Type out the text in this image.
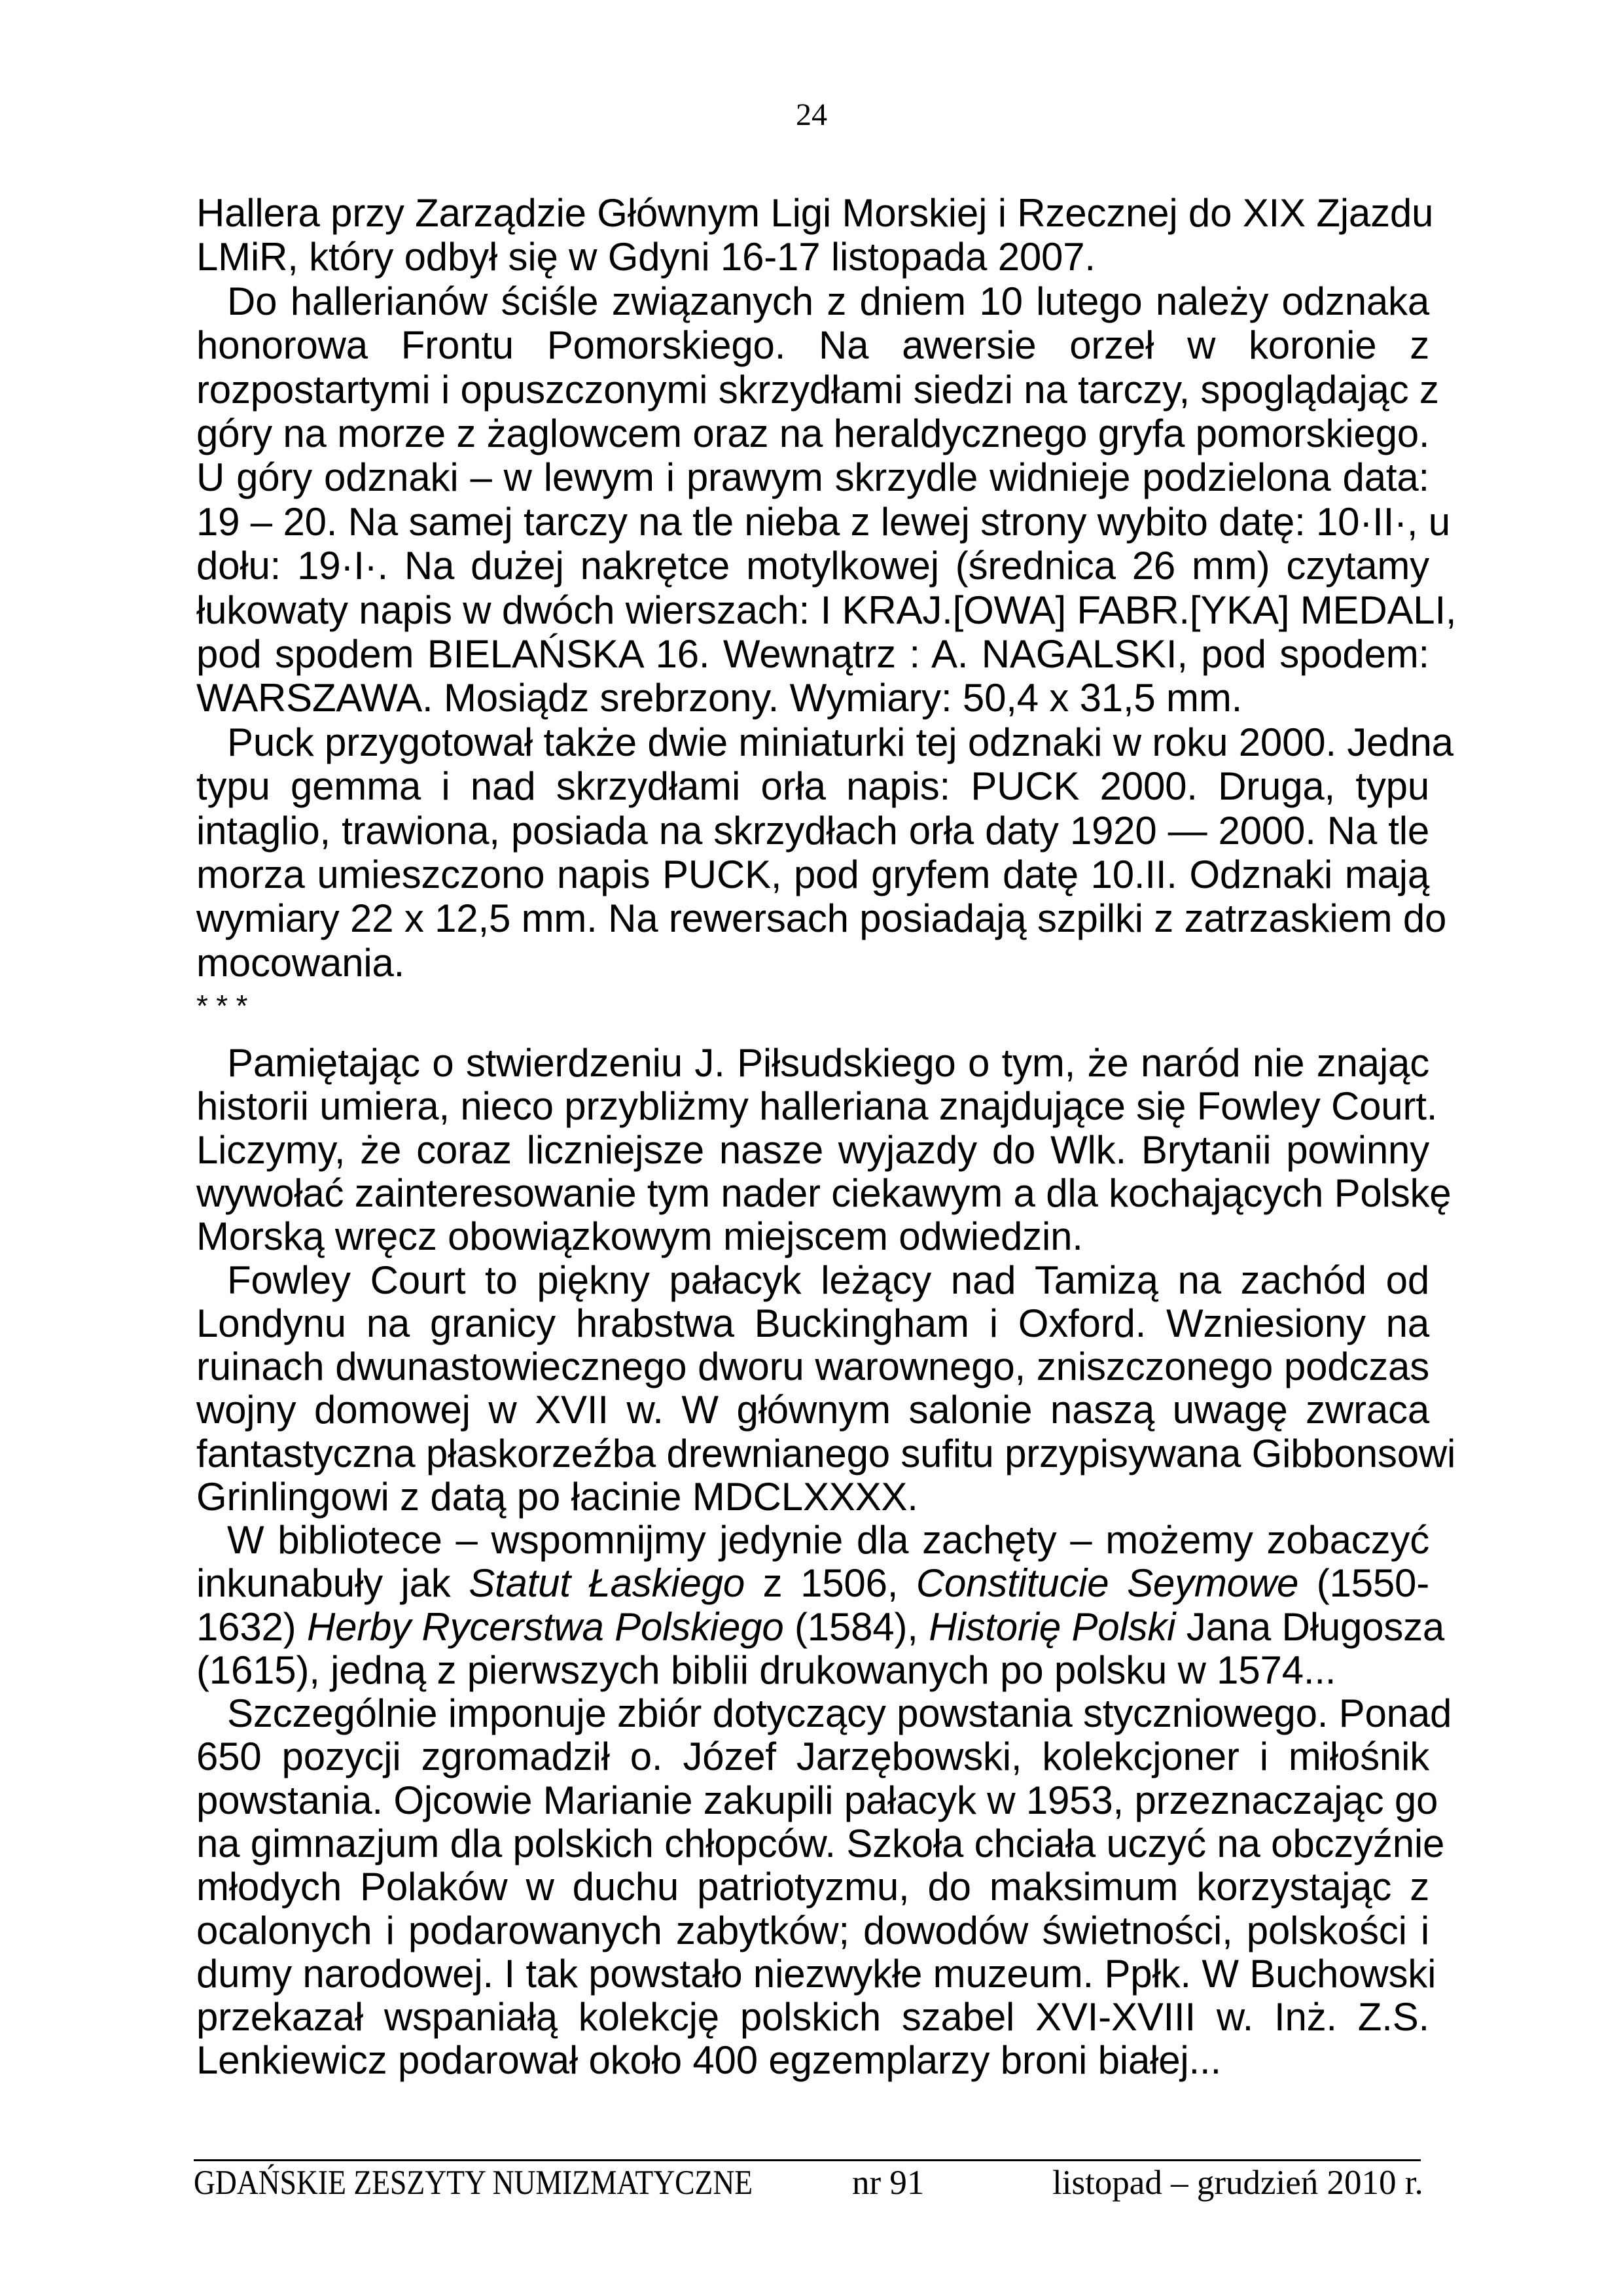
24
Hallera przy Zarządzie Głównym Ligi Morskiej i Rzecznej do XIX Zjazdu
LMiR, który odbył się w Gdyni 16-17 listopada 2007.
Do hallerianów ściśle związanych z dniem 10 lutego należy odznaka
honorowa Frontu Pomorskiego. Na awersie orzeł w koronie z
rozpostartymi i opuszczonymi skrzydłami siedzi na tarczy, spoglądając z
góry na morze z żaglowcem oraz na heraldycznego gryfa pomorskiego.
U góry odznaki – w lewym i prawym skrzydle widnieje podzielona data:
19 – 20. Na samej tarczy na tle nieba z lewej strony wybito datę: 10·II·, u
dołu: 19·I·. Na dużej nakrętce motylkowej (średnica 26 mm) czytamy
łukowaty napis w dwóch wierszach: I KRAJ.[OWA] FABR.[YKA] MEDALI,
pod spodem BIELAŃSKA 16. Wewnątrz : A. NAGALSKI, pod spodem:
WARSZAWA. Mosiądz srebrzony. Wymiary: 50,4 x 31,5 mm.
Puck przygotował także dwie miniaturki tej odznaki w roku 2000. Jedna
typu gemma i nad skrzydłami orła napis: PUCK 2000. Druga, typu
intaglio, trawiona, posiada na skrzydłach orła daty 1920 — 2000. Na tle
morza umieszczono napis PUCK, pod gryfem datę 10.II. Odznaki mają
wymiary 22 x 12,5 mm. Na rewersach posiadają szpilki z zatrzaskiem do
mocowania.
* * *
Pamiętając o stwierdzeniu J. Piłsudskiego o tym, że naród nie znając
historii umiera, nieco przybliżmy halleriana znajdujące się Fowley Court.
Liczymy, że coraz liczniejsze nasze wyjazdy do Wlk. Brytanii powinny
wywołać zainteresowanie tym nader ciekawym a dla kochających Polskę
Morską wręcz obowiązkowym miejscem odwiedzin.
Fowley Court to piękny pałacyk leżący nad Tamizą na zachód od
Londynu na granicy hrabstwa Buckingham i Oxford. Wzniesiony na
ruinach dwunastowiecznego dworu warownego, zniszczonego podczas
wojny domowej w XVII w. W głównym salonie naszą uwagę zwraca
fantastyczna płaskorzeźba drewnianego sufitu przypisywana Gibbonsowi
Grinlingowi z datą po łacinie MDCLXXXX.
W bibliotece – wspomnijmy jedynie dla zachęty – możemy zobaczyć
inkunabuły jak Statut Łaskiego z 1506, Constitucie Seymowe (1550-
1632) Herby Rycerstwa Polskiego (1584), Historię Polski Jana Długosza
(1615), jedną z pierwszych biblii drukowanych po polsku w 1574...
Szczególnie imponuje zbiór dotyczący powstania styczniowego. Ponad
650 pozycji zgromadził o. Józef Jarzębowski, kolekcjoner i miłośnik
powstania. Ojcowie Marianie zakupili pałacyk w 1953, przeznaczając go
na gimnazjum dla polskich chłopców. Szkoła chciała uczyć na obczyźnie
młodych Polaków w duchu patriotyzmu, do maksimum korzystając z
ocalonych i podarowanych zabytków; dowodów świetności, polskości i
dumy narodowej. I tak powstało niezwykłe muzeum. Ppłk. W Buchowski
przekazał wspaniałą kolekcję polskich szabel XVI-XVIII w. Inż. Z.S.
Lenkiewicz podarował około 400 egzemplarzy broni białej...
GDAŃSKIE ZESZYTY NUMIZMATYCZNE	nr 91	listopad – grudzień 2010 r.
